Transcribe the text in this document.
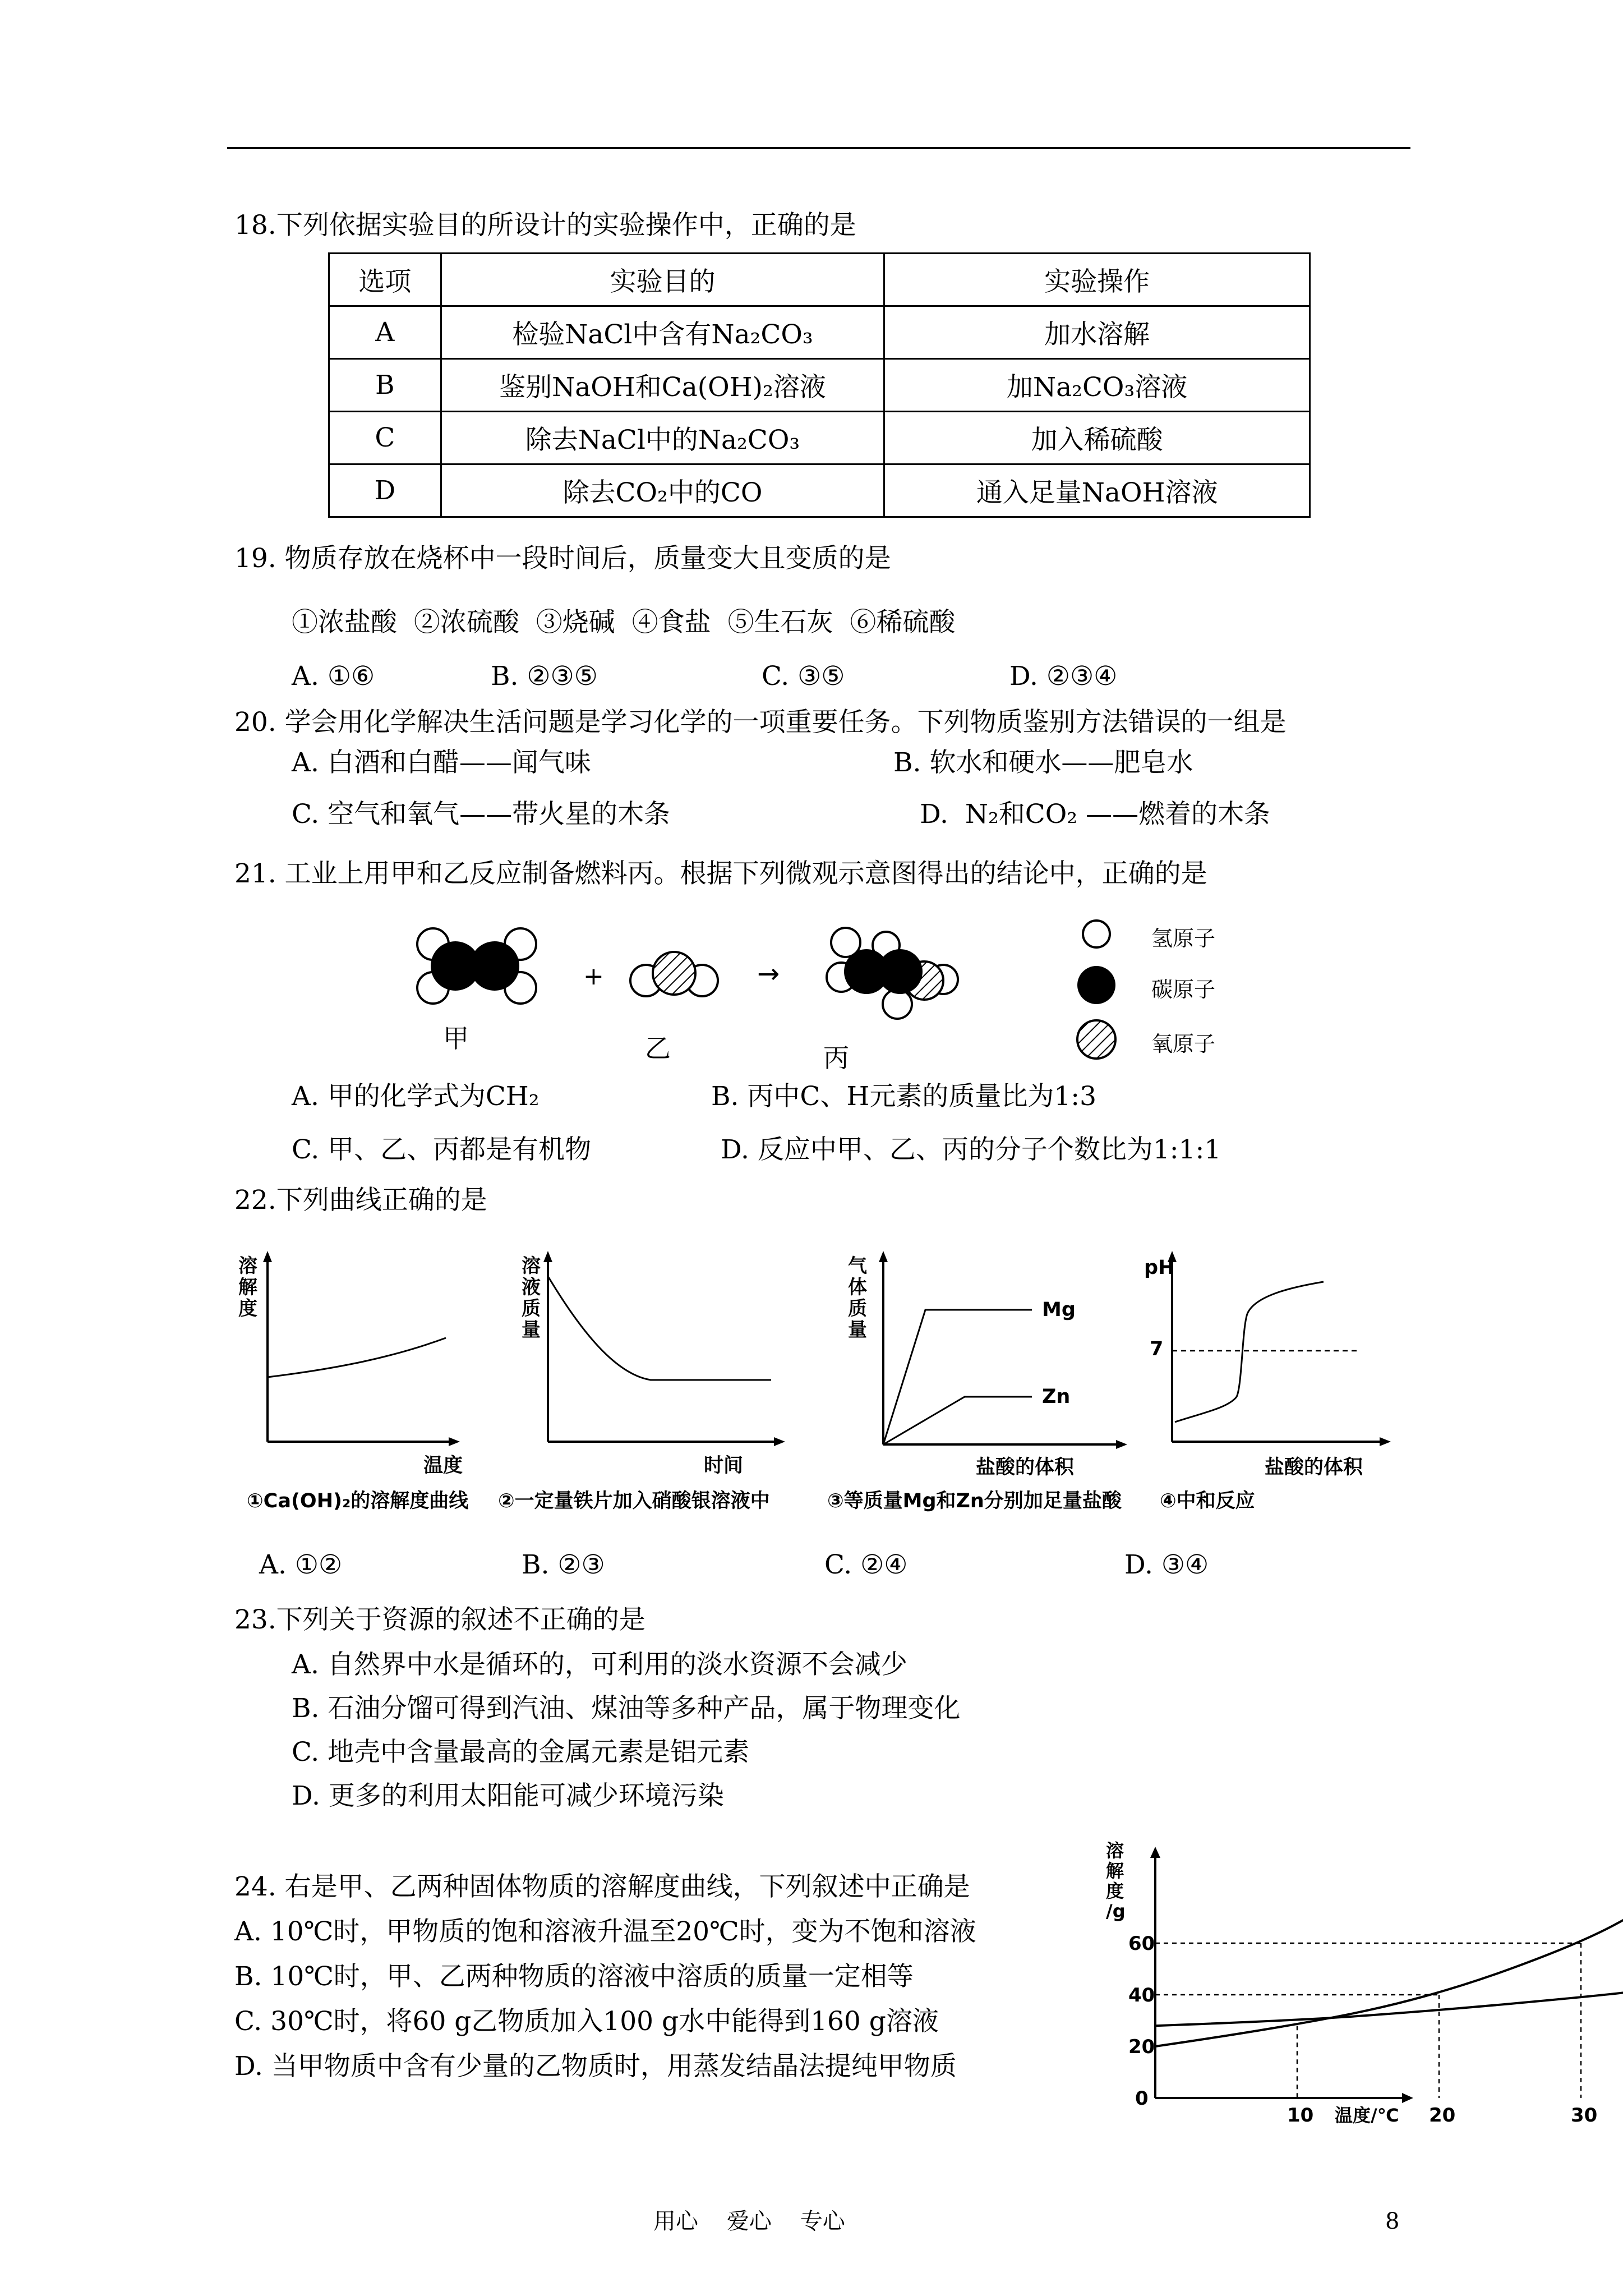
18.下列依据实验目的所设计的实验操作中，正确的是
选项	实验目的	实验操作
A	检验NaCl中含有Na₂CO₃	加水溶解
B	鉴别NaOH和Ca(OH)₂溶液	加Na₂CO₃溶液
C	除去NaCl中的Na₂CO₃	加入稀硫酸
D	除去CO₂中的CO	通入足量NaOH溶液
19. 物质存放在烧杯中一段时间后，质量变大且变质的是
①浓盐酸  ②浓硫酸  ③烧碱  ④食盐  ⑤生石灰  ⑥稀硫酸
A. ①⑥	B. ②③⑤	C. ③⑤	D. ②③④
20. 学会用化学解决生活问题是学习化学的一项重要任务。下列物质鉴别方法错误的一组是
A. 白酒和白醋——闻气味	B. 软水和硬水——肥皂水
C. 空气和氧气——带火星的木条	D.  N₂和CO₂ ——燃着的木条
21. 工业上用甲和乙反应制备燃料丙。根据下列微观示意图得出的结论中，正确的是
+	→
甲	乙	丙
氢原子
碳原子
氧原子
A. 甲的化学式为CH₂	B. 丙中C、H元素的质量比为1:3
C. 甲、乙、丙都是有机物	D. 反应中甲、乙、丙的分子个数比为1:1:1
22.下列曲线正确的是
溶解度
温度
①Ca(OH)₂的溶解度曲线
溶液质量
时间
②一定量铁片加入硝酸银溶液中
气体质量
Mg
Zn
盐酸的体积
③等质量Mg和Zn分别加足量盐酸
pH
7
盐酸的体积
④中和反应
A. ①②	B. ②③	C. ②④	D. ③④
23.下列关于资源的叙述不正确的是
A. 自然界中水是循环的，可利用的淡水资源不会减少
B. 石油分馏可得到汽油、煤油等多种产品，属于物理变化
C. 地壳中含量最高的金属元素是铝元素
D. 更多的利用太阳能可减少环境污染
24. 右是甲、乙两种固体物质的溶解度曲线，下列叙述中正确是
A. 10℃时，甲物质的饱和溶液升温至20℃时，变为不饱和溶液
B. 10℃时，甲、乙两种物质的溶液中溶质的质量一定相等
C. 30℃时，将60 g乙物质加入100 g水中能得到160 g溶液
D. 当甲物质中含有少量的乙物质时，用蒸发结晶法提纯甲物质
10	20	30
20
40
60
0
溶
解
度
/g
温度/℃
用心    爱心    专心	8
